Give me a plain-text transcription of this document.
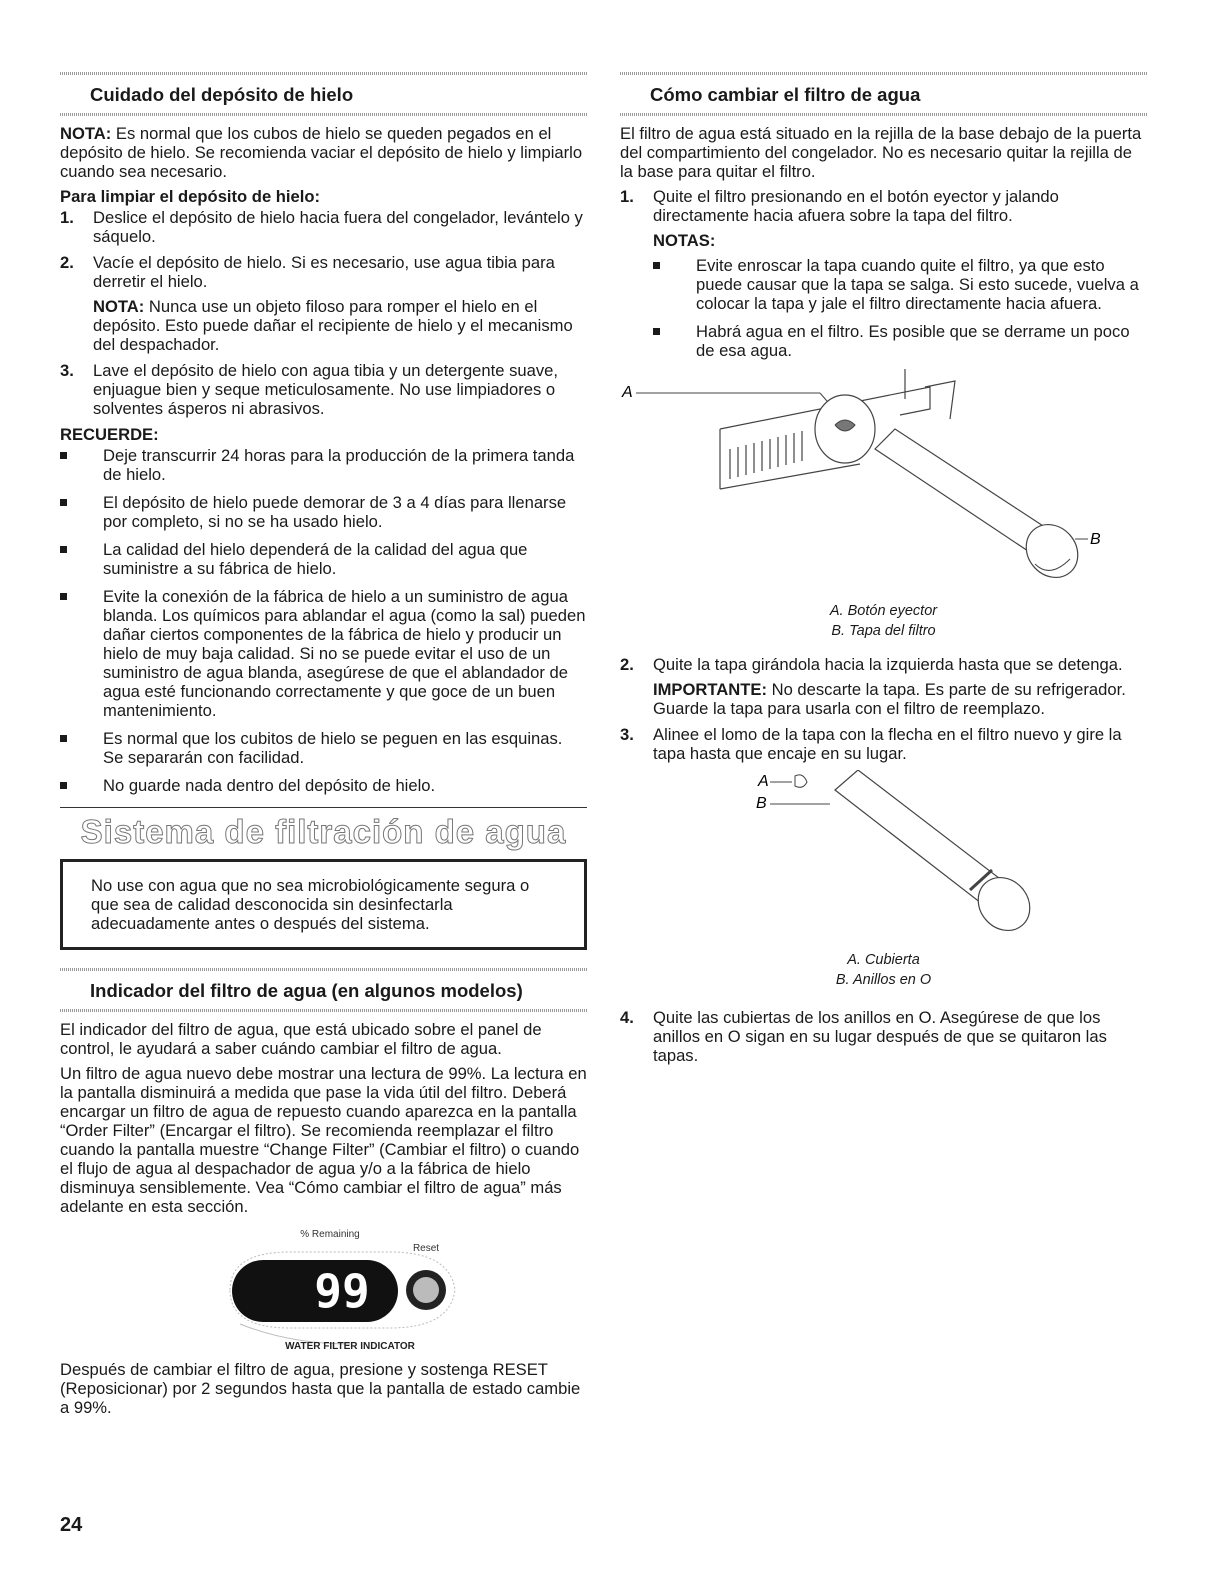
Cuidado del depósito de hielo

NOTA: Es normal que los cubos de hielo se queden pegados en el depósito de hielo. Se recomienda vaciar el depósito de hielo y limpiarlo cuando sea necesario.

Para limpiar el depósito de hielo:
1. Deslice el depósito de hielo hacia fuera del congelador, levántelo y sáquelo.
2. Vacíe el depósito de hielo. Si es necesario, use agua tibia para derretir el hielo.

NOTA: Nunca use un objeto filoso para romper el hielo en el depósito. Esto puede dañar el recipiente de hielo y el mecanismo del despachador.

3. Lave el depósito de hielo con agua tibia y un detergente suave, enjuague bien y seque meticulosamente. No use limpiadores o solventes ásperos ni abrasivos.
RECUERDE:
Deje transcurrir 24 horas para la producción de la primera tanda de hielo.
El depósito de hielo puede demorar de 3 a 4 días para llenarse por completo, si no se ha usado hielo.
La calidad del hielo dependerá de la calidad del agua que suministre a su fábrica de hielo.
Evite la conexión de la fábrica de hielo a un suministro de agua blanda. Los químicos para ablandar el agua (como la sal) pueden dañar ciertos componentes de la fábrica de hielo y producir un hielo de muy baja calidad. Si no se puede evitar el uso de un suministro de agua blanda, asegúrese de que el ablandador de agua esté funcionando correctamente y que goce de un buen mantenimiento.
Es normal que los cubitos de hielo se peguen en las esquinas. Se separarán con facilidad.
No guarde nada dentro del depósito de hielo.
Sistema de filtración de agua
No use con agua que no sea microbiológicamente segura o que sea de calidad desconocida sin desinfectarla adecuadamente antes o después del sistema.
Indicador del filtro de agua (en algunos modelos)

El indicador del filtro de agua, que está ubicado sobre el panel de control, le ayudará a saber cuándo cambiar el filtro de agua.

Un filtro de agua nuevo debe mostrar una lectura de 99%. La lectura en la pantalla disminuirá a medida que pase la vida útil del filtro. Deberá encargar un filtro de agua de repuesto cuando aparezca en la pantalla “Order Filter” (Encargar el filtro). Se recomienda reemplazar el filtro cuando la pantalla muestre “Change Filter” (Cambiar el filtro) o cuando el flujo de agua al despachador de agua y/o a la fábrica de hielo disminuya sensiblemente. Vea “Cómo cambiar el filtro de agua” más adelante en esta sección.

% Remaining
Reset
99
WATER FILTER INDICATOR

Después de cambiar el filtro de agua, presione y sostenga RESET (Reposicionar) por 2 segundos hasta que la pantalla de estado cambie a 99%.

Cómo cambiar el filtro de agua

El filtro de agua está situado en la rejilla de la base debajo de la puerta del compartimiento del congelador. No es necesario quitar la rejilla de la base para quitar el filtro.

1. Quite el filtro presionando en el botón eyector y jalando directamente hacia afuera sobre la tapa del filtro.

NOTAS:

Evite enroscar la tapa cuando quite el filtro, ya que esto puede causar que la tapa se salga. Si esto sucede, vuelva a colocar la tapa y jale el filtro directamente hacia afuera.
Habrá agua en el filtro. Es posible que se derrame un poco de esa agua.
A
B
A. Botón eyector
B. Tapa del filtro
2. Quite la tapa girándola hacia la izquierda hasta que se detenga.

IMPORTANTE: No descarte la tapa. Es parte de su refrigerador. Guarde la tapa para usarla con el filtro de reemplazo.

3. Alinee el lomo de la tapa con la flecha en el filtro nuevo y gire la tapa hasta que encaje en su lugar.
A
B
A. Cubierta
B. Anillos en O
4. Quite las cubiertas de los anillos en O. Asegúrese de que los anillos en O sigan en su lugar después de que se quitaron las tapas.
24
